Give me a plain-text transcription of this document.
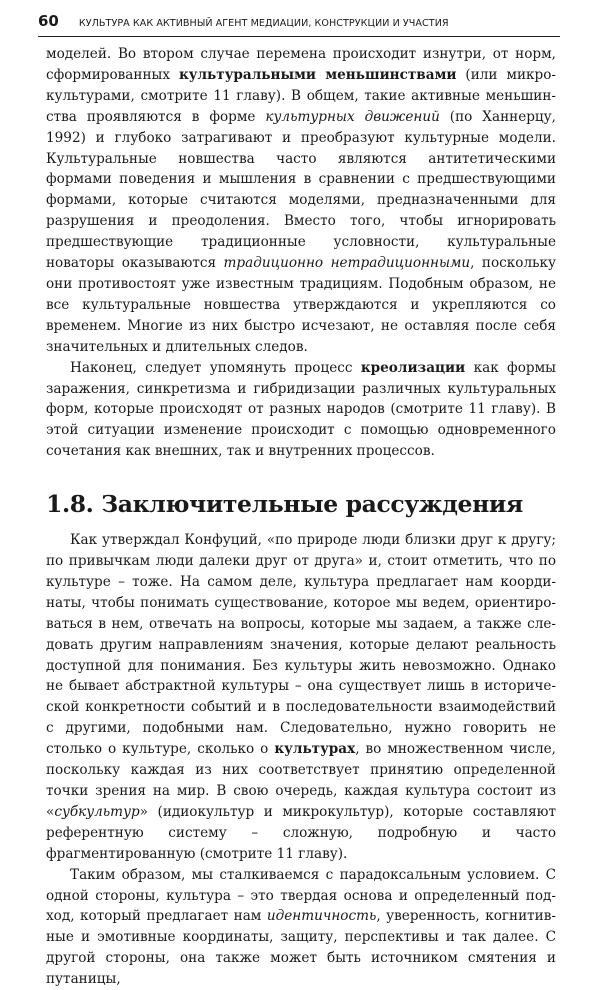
60 КУЛЬТУРА КАК АКТИВНЫЙ АГЕНТ МЕДИАЦИИ, КОНСТРУКЦИИ И УЧАСТИЯ

моделей. Во втором случае перемена происходит изнутри, от норм, сформированных культуральными меньшинствами (или микрокультурами, смотрите 11 главу). В общем, такие активные меньшинства проявляются в форме культурных движений (по Ханнерцу, 1992) и глубоко затрагивают и преобразуют культурные модели. Культуральные новшества часто являются антитетическими формами поведения и мышления в сравнении с предшествующими формами, которые считаются моделями, предназначенными для разрушения и преодоления. Вместо того, чтобы игнорировать предшествующие традиционные условности, культуральные новаторы оказываются традиционно нетрадиционными, поскольку они противостоят уже известным традициям. Подобным образом, не все культуральные новшества утверждаются и укрепляются со временем. Многие из них быстро исчезают, не оставляя после себя значительных и длительных следов.

Наконец, следует упомянуть процесс креолизации как формы заражения, синкретизма и гибридизации различных культуральных форм, которые происходят от разных народов (смотрите 11 главу). В этой ситуации изменение происходит с помощью одновременного сочетания как внешних, так и внутренних процессов.

1.8. Заключительные рассуждения

Как утверждал Конфуций, «по природе люди близки друг к другу; по привычкам люди далеки друг от друга» и, стоит отметить, что по культуре – тоже. На самом деле, культура предлагает нам координаты, чтобы понимать существование, которое мы ведем, ориентироваться в нем, отвечать на вопросы, которые мы задаем, а также следовать другим направлениям значения, которые делают реальность доступной для понимания. Без культуры жить невозможно. Однако не бывает абстрактной культуры – она существует лишь в исторической конкретности событий и в последовательности взаимодействий с другими, подобными нам. Следовательно, нужно говорить не столько о культуре, сколько о культурах, во множественном числе, поскольку каждая из них соответствует принятию определенной точки зрения на мир. В свою очередь, каждая культура состоит из «субкультур» (идиокультур и микрокультур), которые составляют референтную систему – сложную, подробную и часто фрагментированную (смотрите 11 главу).

Таким образом, мы сталкиваемся с парадоксальным условием. С одной стороны, культура – это твердая основа и определенный подход, который предлагает нам идентичность, уверенность, когнитивные и эмотивные координаты, защиту, перспективы и так далее. С другой стороны, она также может быть источником смятения и путаницы,
